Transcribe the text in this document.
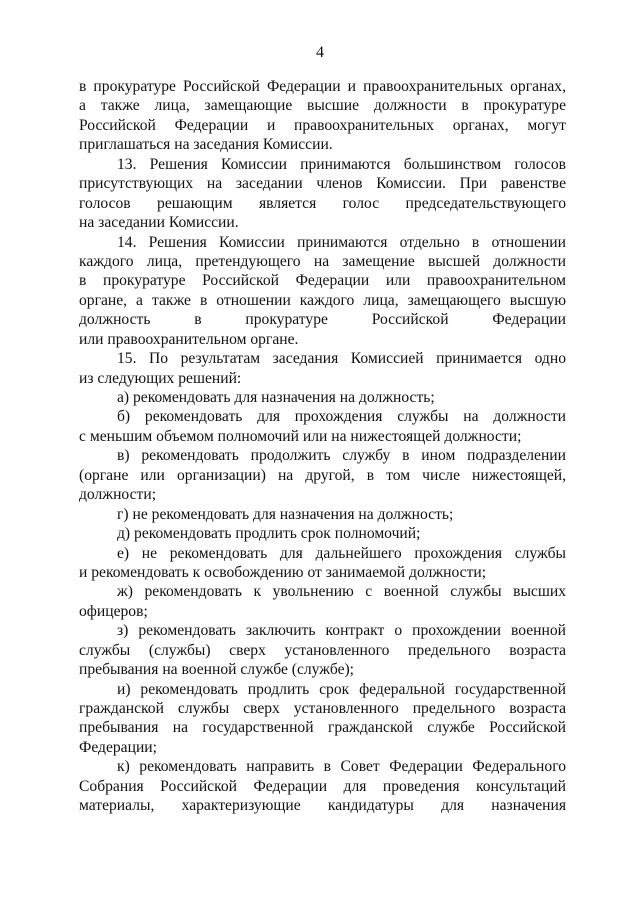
4
в прокуратуре Российской Федерации и правоохранительных органах,
а также лица, замещающие высшие должности в прокуратуре
Российской Федерации и правоохранительных органах, могут
приглашаться на заседания Комиссии.
13. Решения Комиссии принимаются большинством голосов
присутствующих на заседании членов Комиссии. При равенстве
голосов решающим является голос председательствующего
на заседании Комиссии.
14. Решения Комиссии принимаются отдельно в отношении
каждого лица, претендующего на замещение высшей должности
в прокуратуре Российской Федерации или правоохранительном
органе, а также в отношении каждого лица, замещающего высшую
должность в прокуратуре Российской Федерации
или правоохранительном органе.
15. По результатам заседания Комиссией принимается одно
из следующих решений:
а) рекомендовать для назначения на должность;
б) рекомендовать для прохождения службы на должности
с меньшим объемом полномочий или на нижестоящей должности;
в) рекомендовать продолжить службу в ином подразделении
(органе или организации) на другой, в том числе нижестоящей,
должности;
г) не рекомендовать для назначения на должность;
д) рекомендовать продлить срок полномочий;
е) не рекомендовать для дальнейшего прохождения службы
и рекомендовать к освобождению от занимаемой должности;
ж) рекомендовать к увольнению с военной службы высших
офицеров;
з) рекомендовать заключить контракт о прохождении военной
службы (службы) сверх установленного предельного возраста
пребывания на военной службе (службе);
и) рекомендовать продлить срок федеральной государственной
гражданской службы сверх установленного предельного возраста
пребывания на государственной гражданской службе Российской
Федерации;
к) рекомендовать направить в Совет Федерации Федерального
Собрания Российской Федерации для проведения консультаций
материалы, характеризующие кандидатуры для назначения
